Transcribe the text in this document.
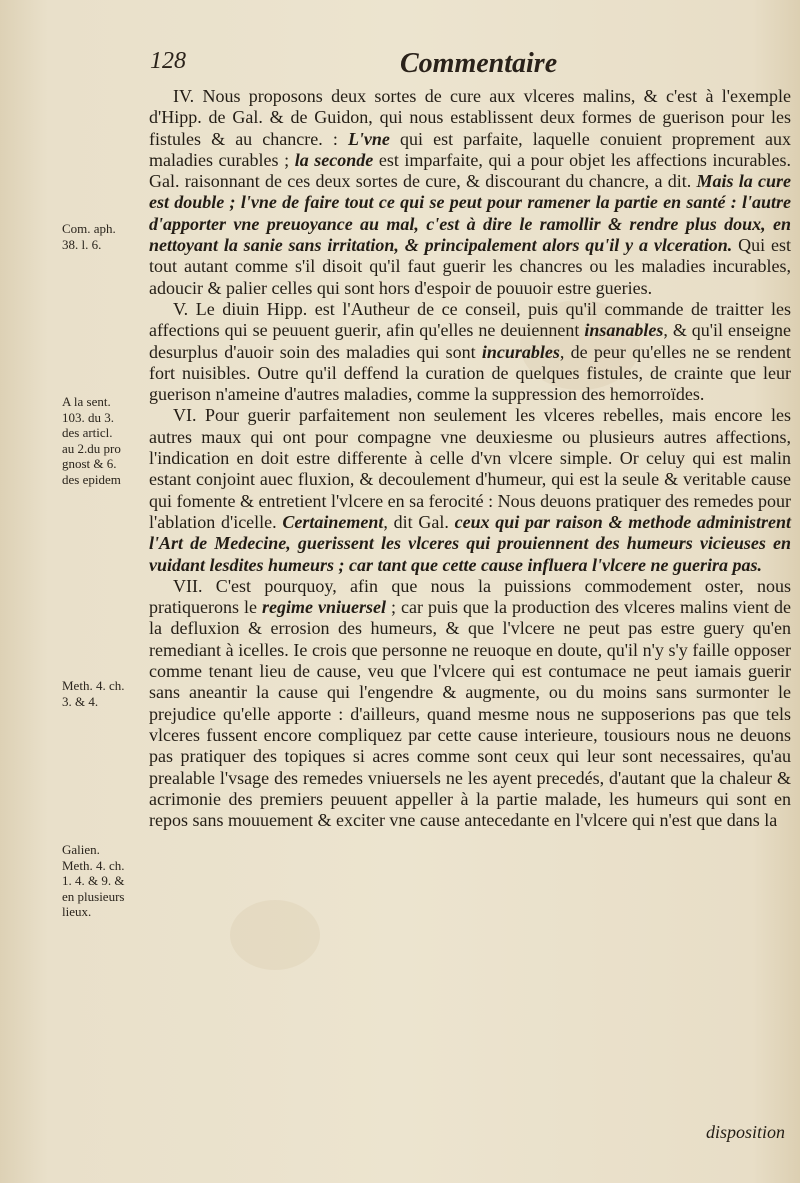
128	Commentaire
Com. aph.
38. l. 6.
A la sent.
103. du 3.
des articl.
au 2.du pro
gnost & 6.
des epidem
Meth. 4. ch.
3. & 4.
Galien.
Meth. 4. ch.
1. 4. & 9. &
en plusieurs
lieux.

IV. Nous proposons deux sortes de cure aux vlceres malins, & c'est à l'exemple d'Hipp. de Gal. & de Guidon, qui nous establissent deux formes de guerison pour les fistules & au chancre. : L'vne qui est parfaite, laquelle conuient proprement aux maladies curables ; la seconde est imparfaite, qui a pour objet les affections incurables. Gal. raisonnant de ces deux sortes de cure, & discourant du chancre, a dit. Mais la cure est double ; l'vne de faire tout ce qui se peut pour ramener la partie en santé : l'autre d'apporter vne preuoyance au mal, c'est à dire le ramollir & rendre plus doux, en nettoyant la sanie sans irritation, & principalement alors qu'il y a vlceration. Qui est tout autant comme s'il disoit qu'il faut guerir les chancres ou les maladies incurables, adoucir & palier celles qui sont hors d'espoir de pouuoir estre gueries.

V. Le diuin Hipp. est l'Autheur de ce conseil, puis qu'il commande de traitter les affections qui se peuuent guerir, afin qu'elles ne deuiennent insanables, & qu'il enseigne desurplus d'auoir soin des maladies qui sont incurables, de peur qu'elles ne se rendent fort nuisibles. Outre qu'il deffend la curation de quelques fistules, de crainte que leur guerison n'ameine d'autres maladies, comme la suppression des hemorroïdes.

VI. Pour guerir parfaitement non seulement les vlceres rebelles, mais encore les autres maux qui ont pour compagne vne deuxiesme ou plusieurs autres affections, l'indication en doit estre differente à celle d'vn vlcere simple. Or celuy qui est malin estant conjoint auec fluxion, & decoulement d'humeur, qui est la seule & veritable cause qui fomente & entretient l'vlcere en sa ferocité : Nous deuons pratiquer des remedes pour l'ablation d'icelle. Certainement, dit Gal. ceux qui par raison & methode administrent l'Art de Medecine, guerissent les vlceres qui prouiennent des humeurs vicieuses en vuidant lesdites humeurs ; car tant que cette cause influera l'vlcere ne guerira pas.

VII. C'est pourquoy, afin que nous la puissions commodement oster, nous pratiquerons le regime vniuersel ; car puis que la production des vlceres malins vient de la defluxion & errosion des humeurs, & que l'vlcere ne peut pas estre guery qu'en remediant à icelles. Ie crois que personne ne reuoque en doute, qu'il n'y s'y faille opposer comme tenant lieu de cause, veu que l'vlcere qui est contumace ne peut iamais guerir sans aneantir la cause qui l'engendre & augmente, ou du moins sans surmonter le prejudice qu'elle apporte : d'ailleurs, quand mesme nous ne supposerions pas que tels vlceres fussent encore compliquez par cette cause interieure, tousiours nous ne deuons pas pratiquer des topiques si acres comme sont ceux qui leur sont necessaires, qu'au prealable l'vsage des remedes vniuersels ne les ayent precedés, d'autant que la chaleur & acrimonie des premiers peuuent appeller à la partie malade, les humeurs qui sont en repos sans mouuement & exciter vne cause antecedante en l'vlcere qui n'est que dans la

disposition
